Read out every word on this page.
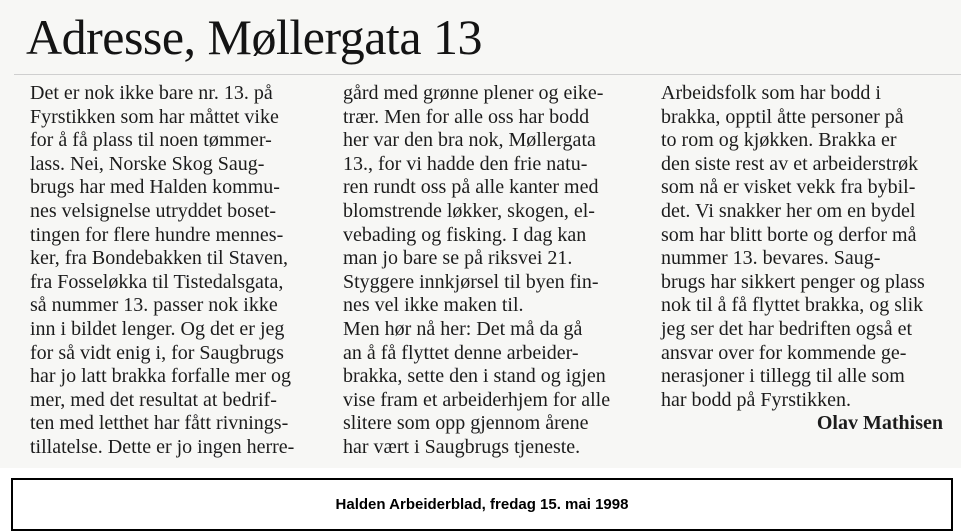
Adresse, Møllergata 13
Det er nok ikke bare nr. 13. på
Fyrstikken som har måttet vike
for å få plass til noen tømmer-
lass. Nei, Norske Skog Saug-
brugs har med Halden kommu-
nes velsignelse utryddet boset-
tingen for flere hundre mennes-
ker, fra Bondebakken til Staven,
fra Fosseløkka til Tistedalsgata,
så nummer 13. passer nok ikke
inn i bildet lenger. Og det er jeg
for så vidt enig i, for Saugbrugs
har jo latt brakka forfalle mer og
mer, med det resultat at bedrif-
ten med letthet har fått rivnings-
tillatelse. Dette er jo ingen herre-
gård med grønne plener og eike-
trær. Men for alle oss har bodd
her var den bra nok, Møllergata
13., for vi hadde den frie natu-
ren rundt oss på alle kanter med
blomstrende løkker, skogen, el-
vebading og fisking. I dag kan
man jo bare se på riksvei 21.
Styggere innkjørsel til byen fin-
nes vel ikke maken til.
Men hør nå her: Det må da gå
an å få flyttet denne arbeider-
brakka, sette den i stand og igjen
vise fram et arbeiderhjem for alle
slitere som opp gjennom årene
har vært i Saugbrugs tjeneste.
Arbeidsfolk som har bodd i
brakka, opptil åtte personer på
to rom og kjøkken. Brakka er
den siste rest av et arbeiderstrøk
som nå er visket vekk fra bybil-
det. Vi snakker her om en bydel
som har blitt borte og derfor må
nummer 13. bevares. Saug-
brugs har sikkert penger og plass
nok til å få flyttet brakka, og slik
jeg ser det har bedriften også et
ansvar over for kommende ge-
nerasjoner i tillegg til alle som
har bodd på Fyrstikken.
Olav Mathisen
Halden Arbeiderblad, fredag 15. mai 1998
